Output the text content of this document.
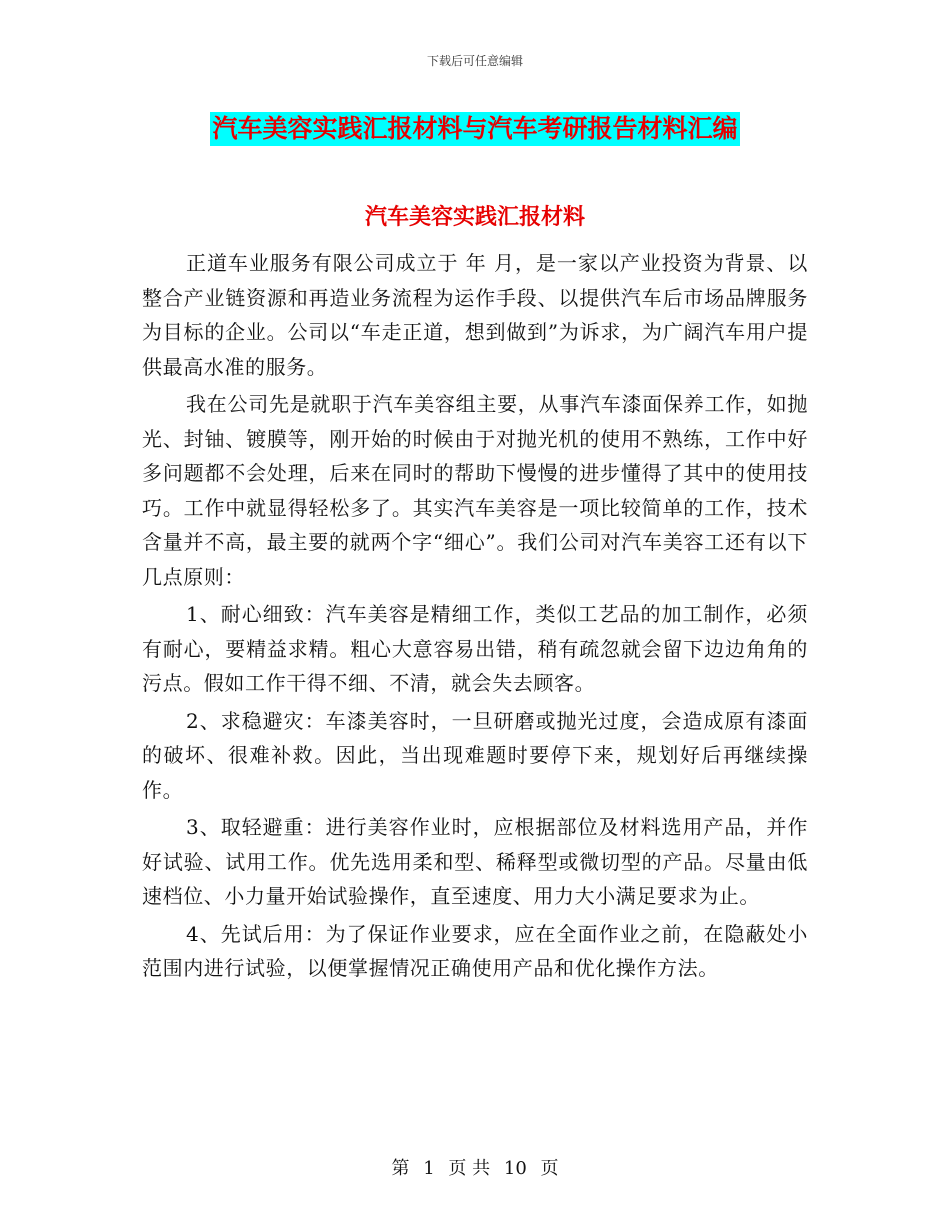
下载后可任意编辑
汽车美容实践汇报材料与汽车考研报告材料汇编
汽车美容实践汇报材料

正道车业服务有限公司成立于 年 月，是一家以产业投资为背景、以整合产业链资源和再造业务流程为运作手段、以提供汽车后市场品牌服务为目标的企业。公司以“车走正道，想到做到”为诉求，为广阔汽车用户提供最高水准的服务。

我在公司先是就职于汽车美容组主要，从事汽车漆面保养工作，如抛光、封铀、镀膜等，刚开始的时候由于对抛光机的使用不熟练，工作中好多问题都不会处理，后来在同时的帮助下慢慢的进步懂得了其中的使用技巧。工作中就显得轻松多了。其实汽车美容是一项比较简单的工作，技术含量并不高，最主要的就两个字“细心”。我们公司对汽车美容工还有以下几点原则：

1、耐心细致：汽车美容是精细工作，类似工艺品的加工制作，必须有耐心，要精益求精。粗心大意容易出错，稍有疏忽就会留下边边角角的污点。假如工作干得不细、不清，就会失去顾客。

2、求稳避灾：车漆美容时，一旦研磨或抛光过度，会造成原有漆面的破坏、很难补救。因此，当出现难题时要停下来，规划好后再继续操作。

3、取轻避重：进行美容作业时，应根据部位及材料选用产品，并作好试验、试用工作。优先选用柔和型、稀释型或微切型的产品。尽量由低速档位、小力量开始试验操作，直至速度、用力大小满足要求为止。

4、先试后用：为了保证作业要求，应在全面作业之前，在隐蔽处小范围内进行试验，以便掌握情况正确使用产品和优化操作方法。

第 1 页 共 10 页
